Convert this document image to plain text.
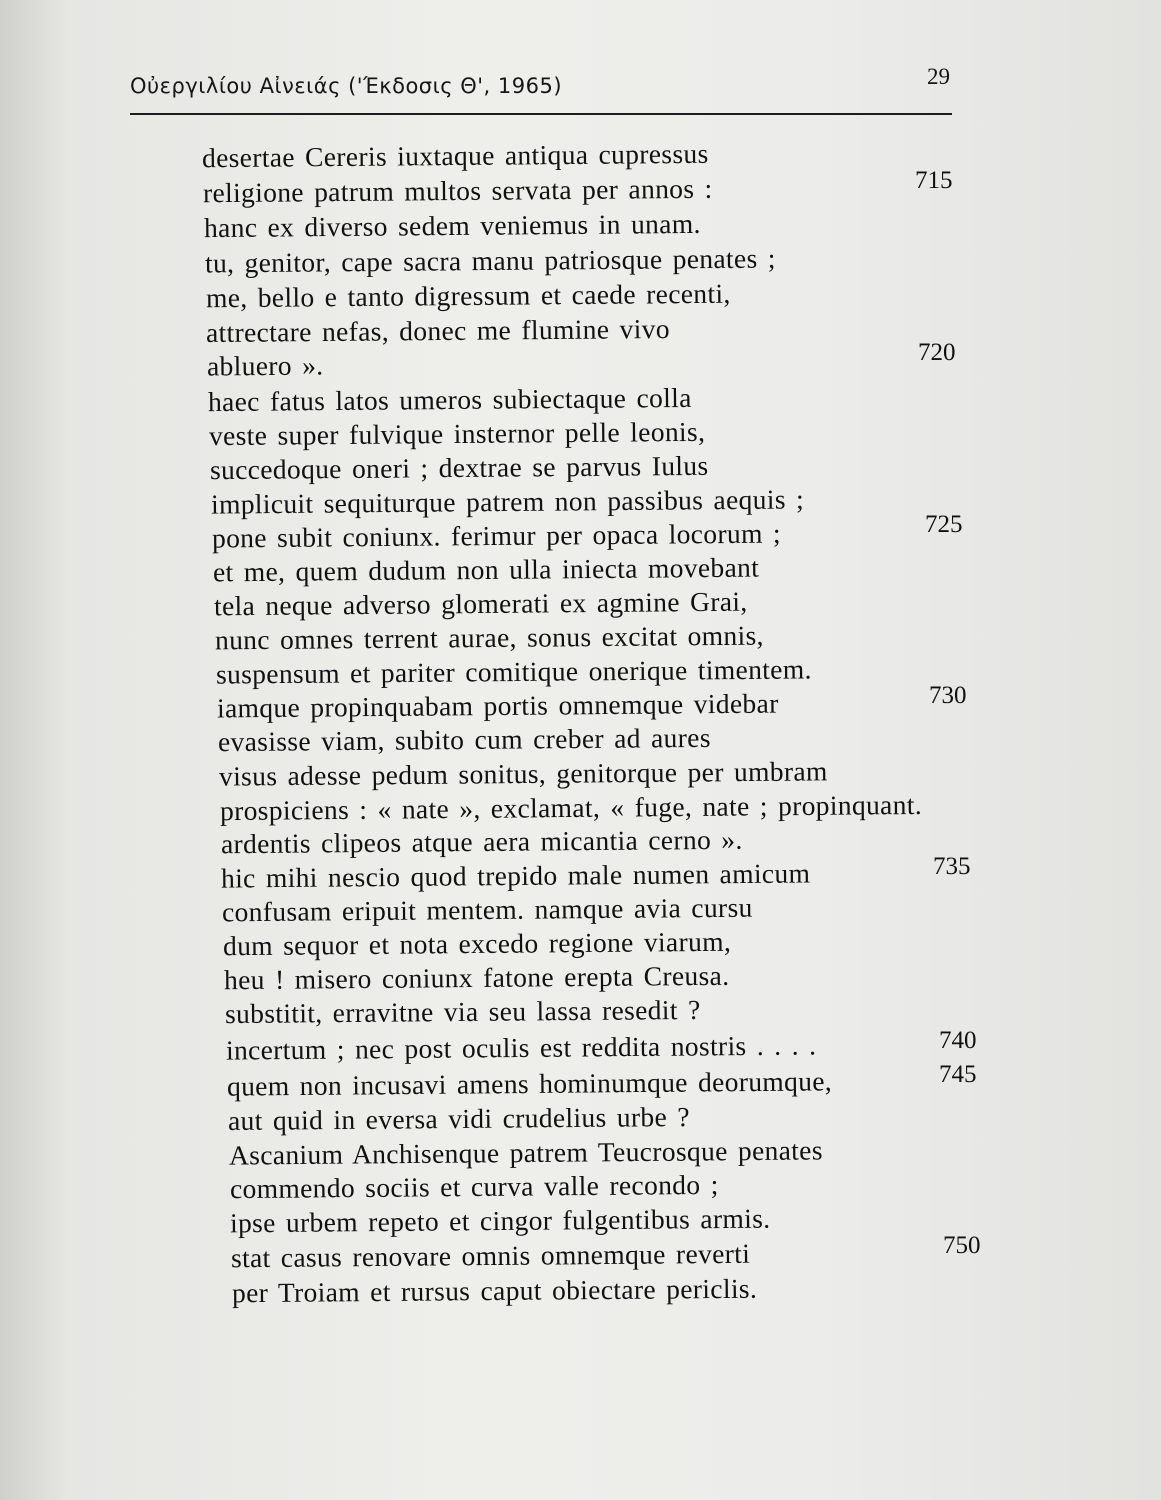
Οὐεργιλίου Αἰνειάς ('Έκδοσις Θ', 1965)	29
desertae Cereris iuxtaque antiqua cupressus
religione patrum multos servata per annos :
hanc ex diverso sedem veniemus in unam.
tu, genitor, cape sacra manu patriosque penates ;
me, bello e tanto digressum et caede recenti,
attrectare nefas, donec me flumine vivo
abluero ».
haec fatus latos umeros subiectaque colla
veste super fulvique insternor pelle leonis,
succedoque oneri ; dextrae se parvus Iulus
implicuit sequiturque patrem non passibus aequis ;
pone subit coniunx. ferimur per opaca locorum ;
et me, quem dudum non ulla iniecta movebant
tela neque adverso glomerati ex agmine Grai,
nunc omnes terrent aurae, sonus excitat omnis,
suspensum et pariter comitique onerique timentem.
iamque propinquabam portis omnemque videbar
evasisse viam, subito cum creber ad aures
visus adesse pedum sonitus, genitorque per umbram
prospiciens : « nate », exclamat, « fuge, nate ; propinquant.
ardentis clipeos atque aera micantia cerno ».
hic mihi nescio quod trepido male numen amicum
confusam eripuit mentem. namque avia cursu
dum sequor et nota excedo regione viarum,
heu ! misero coniunx fatone erepta Creusa.
substitit, erravitne via seu lassa resedit ?
incertum ; nec post oculis est reddita nostris . . . .
quem non incusavi amens hominumque deorumque,
aut quid in eversa vidi crudelius urbe ?
Ascanium Anchisenque patrem Teucrosque penates
commendo sociis et curva valle recondo ;
ipse urbem repeto et cingor fulgentibus armis.
stat casus renovare omnis omnemque reverti
per Troiam et rursus caput obiectare periclis.
715
720
725
730
735
740
745
750
